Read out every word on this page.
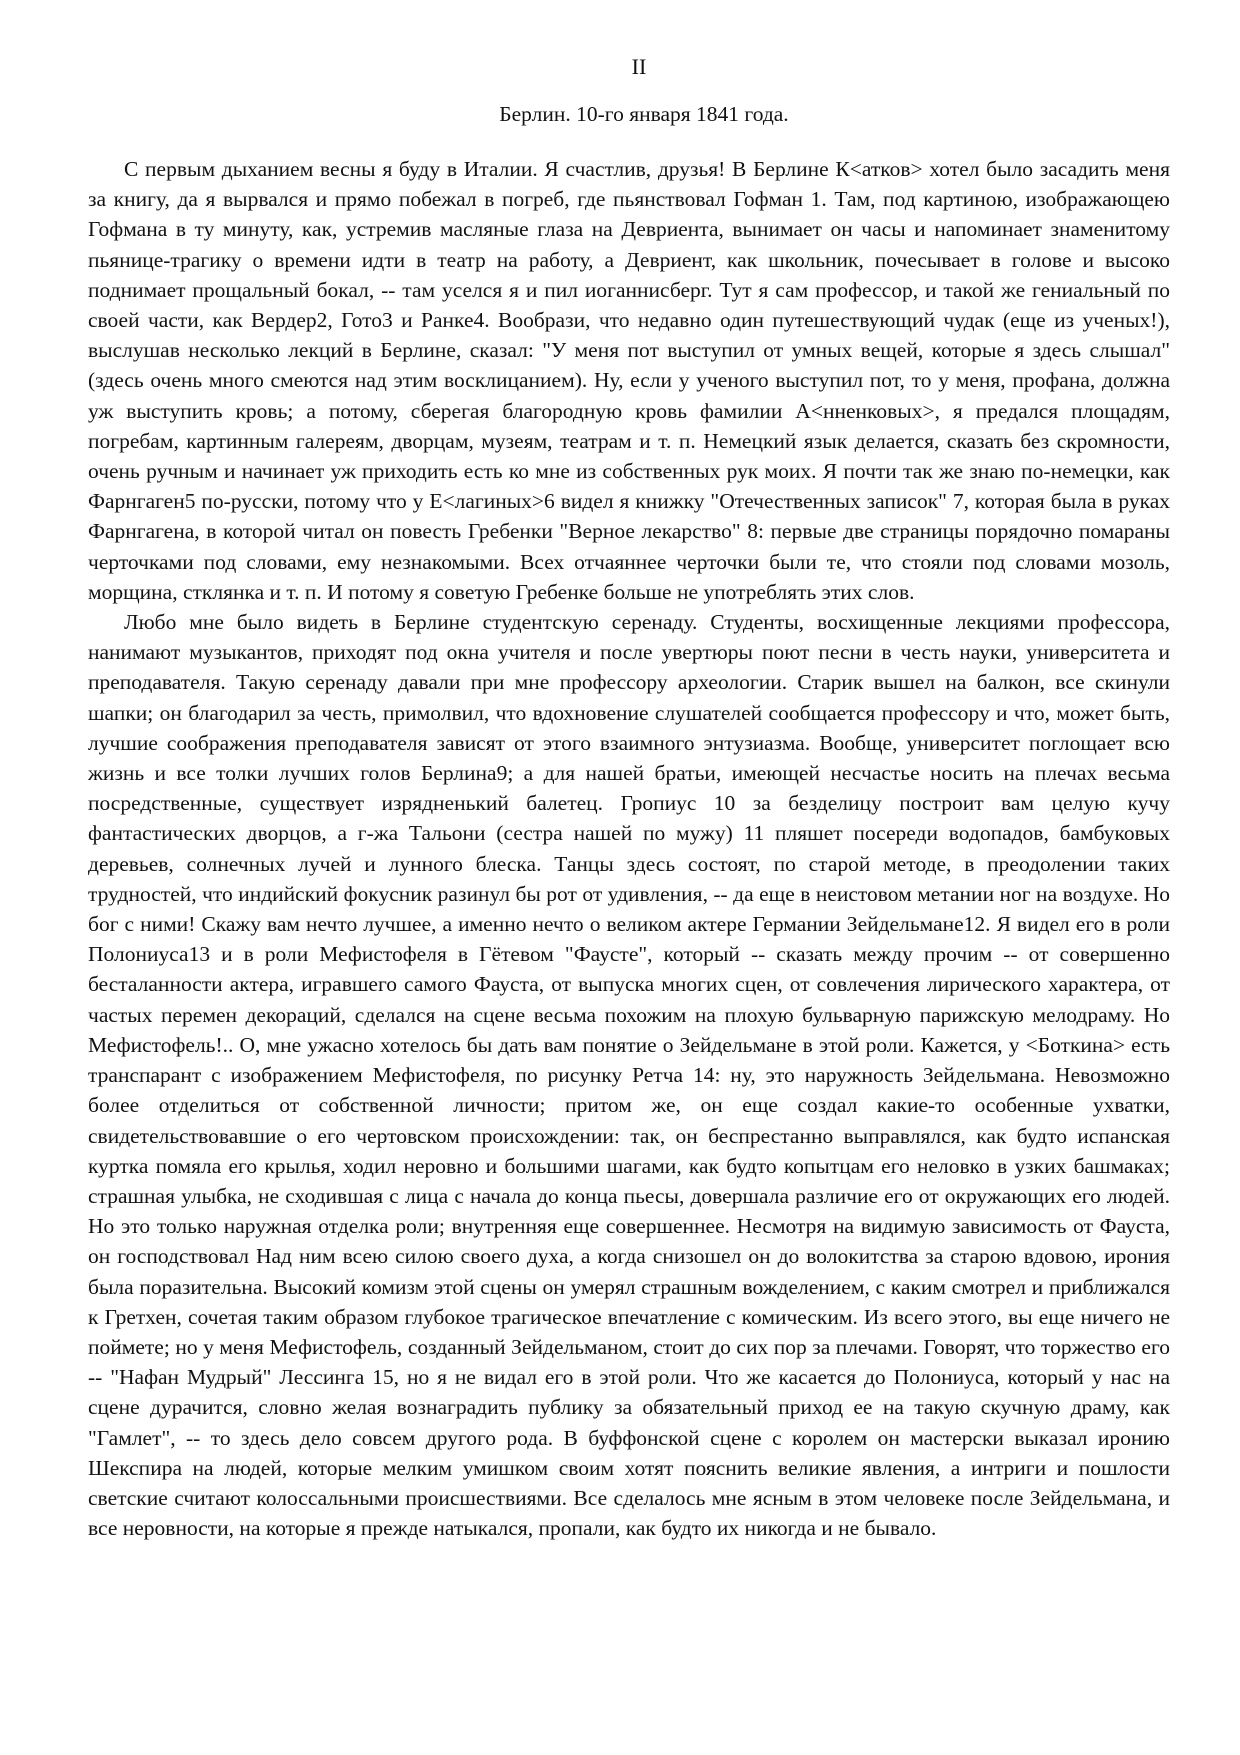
II
Берлин. 10-го января 1841 года.

С первым дыханием весны я буду в Италии. Я счастлив, друзья! В Берлине К<атков> хотел было засадить меня за книгу, да я вырвался и прямо побежал в погреб, где пьянствовал Гофман 1. Там, под картиною, изображающею Гофмана в ту минуту, как, устремив масляные глаза на Девриента, вынимает он часы и напоминает знаменитому пьянице-трагику о времени идти в театр на работу, а Девриент, как школьник, почесывает в голове и высоко поднимает прощальный бокал, -- там уселся я и пил иоганнисберг. Тут я сам профессор, и такой же гениальный по своей части, как Вердер2, Гото3 и Ранке4. Вообрази, что недавно один путешествующий чудак (еще из ученых!), выслушав несколько лекций в Берлине, сказал: "У меня пот выступил от умных вещей, которые я здесь слышал" (здесь очень много смеются над этим восклицанием). Ну, если у ученого выступил пот, то у меня, профана, должна уж выступить кровь; а потому, сберегая благородную кровь фамилии А<нненковых>, я предался площадям, погребам, картинным галереям, дворцам, музеям, театрам и т. п. Немецкий язык делается, сказать без скромности, очень ручным и начинает уж приходить есть ко мне из собственных рук моих. Я почти так же знаю по-немецки, как Фарнгаген5 по-русски, потому что у Е<лагиных>6 видел я книжку "Отечественных записок" 7, которая была в руках Фарнгагена, в которой читал он повесть Гребенки "Верное лекарство" 8: первые две страницы порядочно помараны черточками под словами, ему незнакомыми. Всех отчаяннее черточки были те, что стояли под словами мозоль, морщина, стклянка и т. п. И потому я советую Гребенке больше не употреблять этих слов.

Любо мне было видеть в Берлине студентскую серенаду. Студенты, восхищенные лекциями профессора, нанимают музыкантов, приходят под окна учителя и после увертюры поют песни в честь науки, университета и преподавателя. Такую серенаду давали при мне профессору археологии. Старик вышел на балкон, все скинули шапки; он благодарил за честь, примолвил, что вдохновение слушателей сообщается профессору и что, может быть, лучшие соображения преподавателя зависят от этого взаимного энтузиазма. Вообще, университет поглощает всю жизнь и все толки лучших голов Берлина9; а для нашей братьи, имеющей несчастье носить на плечах весьма посредственные, существует изрядненький балетец. Гропиус 10 за безделицу построит вам целую кучу фантастических дворцов, а г-жа Тальони (сестра нашей по мужу) 11 пляшет посереди водопадов, бамбуковых деревьев, солнечных лучей и лунного блеска. Танцы здесь состоят, по старой методе, в преодолении таких трудностей, что индийский фокусник разинул бы рот от удивления, -- да еще в неистовом метании ног на воздухе. Но бог с ними! Скажу вам нечто лучшее, а именно нечто о великом актере Германии Зейдельмане12. Я видел его в роли Полониуса13 и в роли Мефистофеля в Гётевом "Фаусте", который -- сказать между прочим -- от совершенно бесталанности актера, игравшего самого Фауста, от выпуска многих сцен, от совлечения лирического характера, от частых перемен декораций, сделался на сцене весьма похожим на плохую бульварную парижскую мелодраму. Но Мефистофель!.. О, мне ужасно хотелось бы дать вам понятие о Зейдельмане в этой роли. Кажется, у <Боткина> есть транспарант с изображением Мефистофеля, по рисунку Ретча 14: ну, это наружность Зейдельмана. Невозможно более отделиться от собственной личности; притом же, он еще создал какие-то особенные ухватки, свидетельствовавшие о его чертовском происхождении: так, он беспрестанно выправлялся, как будто испанская куртка помяла его крылья, ходил неровно и большими шагами, как будто копытцам его неловко в узких башмаках; страшная улыбка, не сходившая с лица с начала до конца пьесы, довершала различие его от окружающих его людей. Но это только наружная отделка роли; внутренняя еще совершеннее. Несмотря на видимую зависимость от Фауста, он господствовал Над ним всею силою своего духа, а когда снизошел он до волокитства за старою вдовою, ирония была поразительна. Высокий комизм этой сцены он умерял страшным вожделением, с каким смотрел и приближался к Гретхен, сочетая таким образом глубокое трагическое впечатление с комическим. Из всего этого, вы еще ничего не поймете; но у меня Мефистофель, созданный Зейдельманом, стоит до сих пор за плечами. Говорят, что торжество его -- "Нафан Мудрый" Лессинга 15, но я не видал его в этой роли. Что же касается до Полониуса, который у нас на сцене дурачится, словно желая вознаградить публику за обязательный приход ее на такую скучную драму, как "Гамлет", -- то здесь дело совсем другого рода. В буффонской сцене с королем он мастерски выказал иронию Шекспира на людей, которые мелким умишком своим хотят пояснить великие явления, а интриги и пошлости светские считают колоссальными происшествиями. Все сделалось мне ясным в этом человеке после Зейдельмана, и все неровности, на которые я прежде натыкался, пропали, как будто их никогда и не бывало.
